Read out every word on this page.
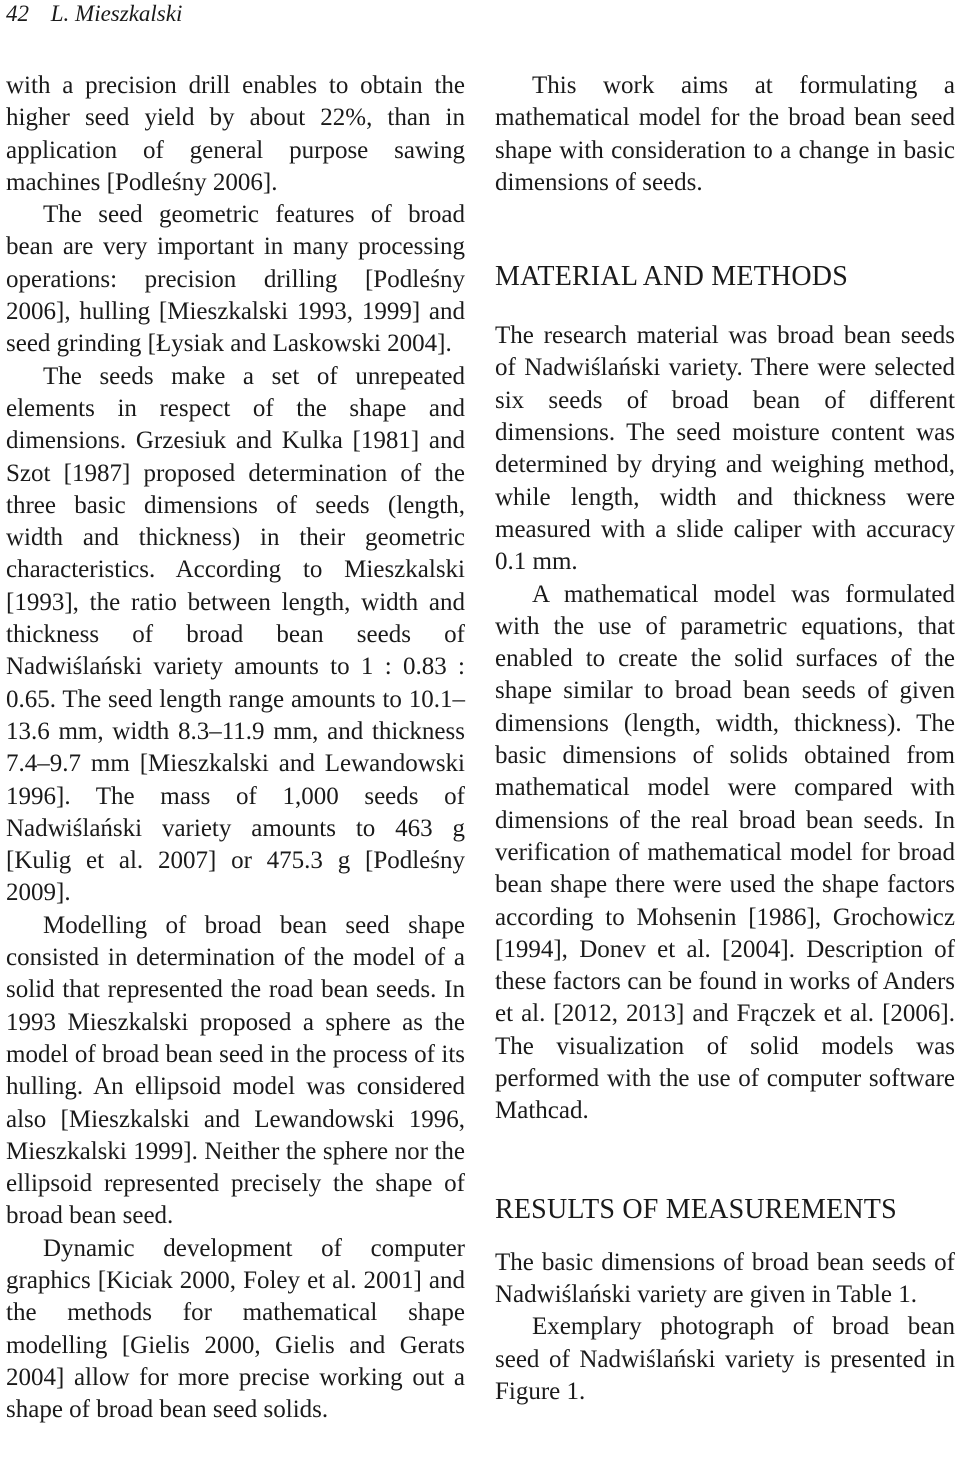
42 L. Mieszkalski

with a precision drill enables to obtain the higher seed yield by about 22%, than in application of general purpose sawing machines [Podleśny 2006].

The seed geometric features of broad bean are very important in many processing operations: precision drilling [Podleśny 2006], hulling [Mieszkalski 1993, 1999] and seed grinding [Łysiak and Laskowski 2004].

The seeds make a set of unrepeated elements in respect of the shape and dimensions. Grzesiuk and Kulka [1981] and Szot [1987] proposed determination of the three basic dimensions of seeds (length, width and thickness) in their geometric characteristics. According to Mieszkalski [1993], the ratio between length, width and thickness of broad bean seeds of Nadwiślański variety amounts to 1 : 0.83 : 0.65. The seed length range amounts to 10.1–13.6 mm, width 8.3–11.9 mm, and thickness 7.4–9.7 mm [Mieszkalski and Lewandowski 1996]. The mass of 1,000 seeds of Nadwiślański variety amounts to 463 g [Kulig et al. 2007] or 475.3 g [Podleśny 2009].

Modelling of broad bean seed shape consisted in determination of the model of a solid that represented the road bean seeds. In 1993 Mieszkalski proposed a sphere as the model of broad bean seed in the process of its hulling. An ellipsoid model was considered also [Mieszkalski and Lewandowski 1996, Mieszkalski 1999]. Neither the sphere nor the ellipsoid represented precisely the shape of broad bean seed.

Dynamic development of computer graphics [Kiciak 2000, Foley et al. 2001] and the methods for mathematical shape modelling [Gielis 2000, Gielis and Gerats 2004] allow for more precise working out a shape of broad bean seed solids.

This work aims at formulating a mathematical model for the broad bean seed shape with consideration to a change in basic dimensions of seeds.

MATERIAL AND METHODS

The research material was broad bean seeds of Nadwiślański variety. There were selected six seeds of broad bean of different dimensions. The seed moisture content was determined by drying and weighing method, while length, width and thickness were measured with a slide caliper with accuracy 0.1 mm.

A mathematical model was formulated with the use of parametric equations, that enabled to create the solid surfaces of the shape similar to broad bean seeds of given dimensions (length, width, thickness). The basic dimensions of solids obtained from mathematical model were compared with dimensions of the real broad bean seeds. In verification of mathematical model for broad bean shape there were used the shape factors according to Mohsenin [1986], Grochowicz [1994], Donev et al. [2004]. Description of these factors can be found in works of Anders et al. [2012, 2013] and Frączek et al. [2006]. The visualization of solid models was performed with the use of computer software Mathcad.

RESULTS OF MEASUREMENTS

The basic dimensions of broad bean seeds of Nadwiślański variety are given in Table 1.

Exemplary photograph of broad bean seed of Nadwiślański variety is presented in Figure 1.
